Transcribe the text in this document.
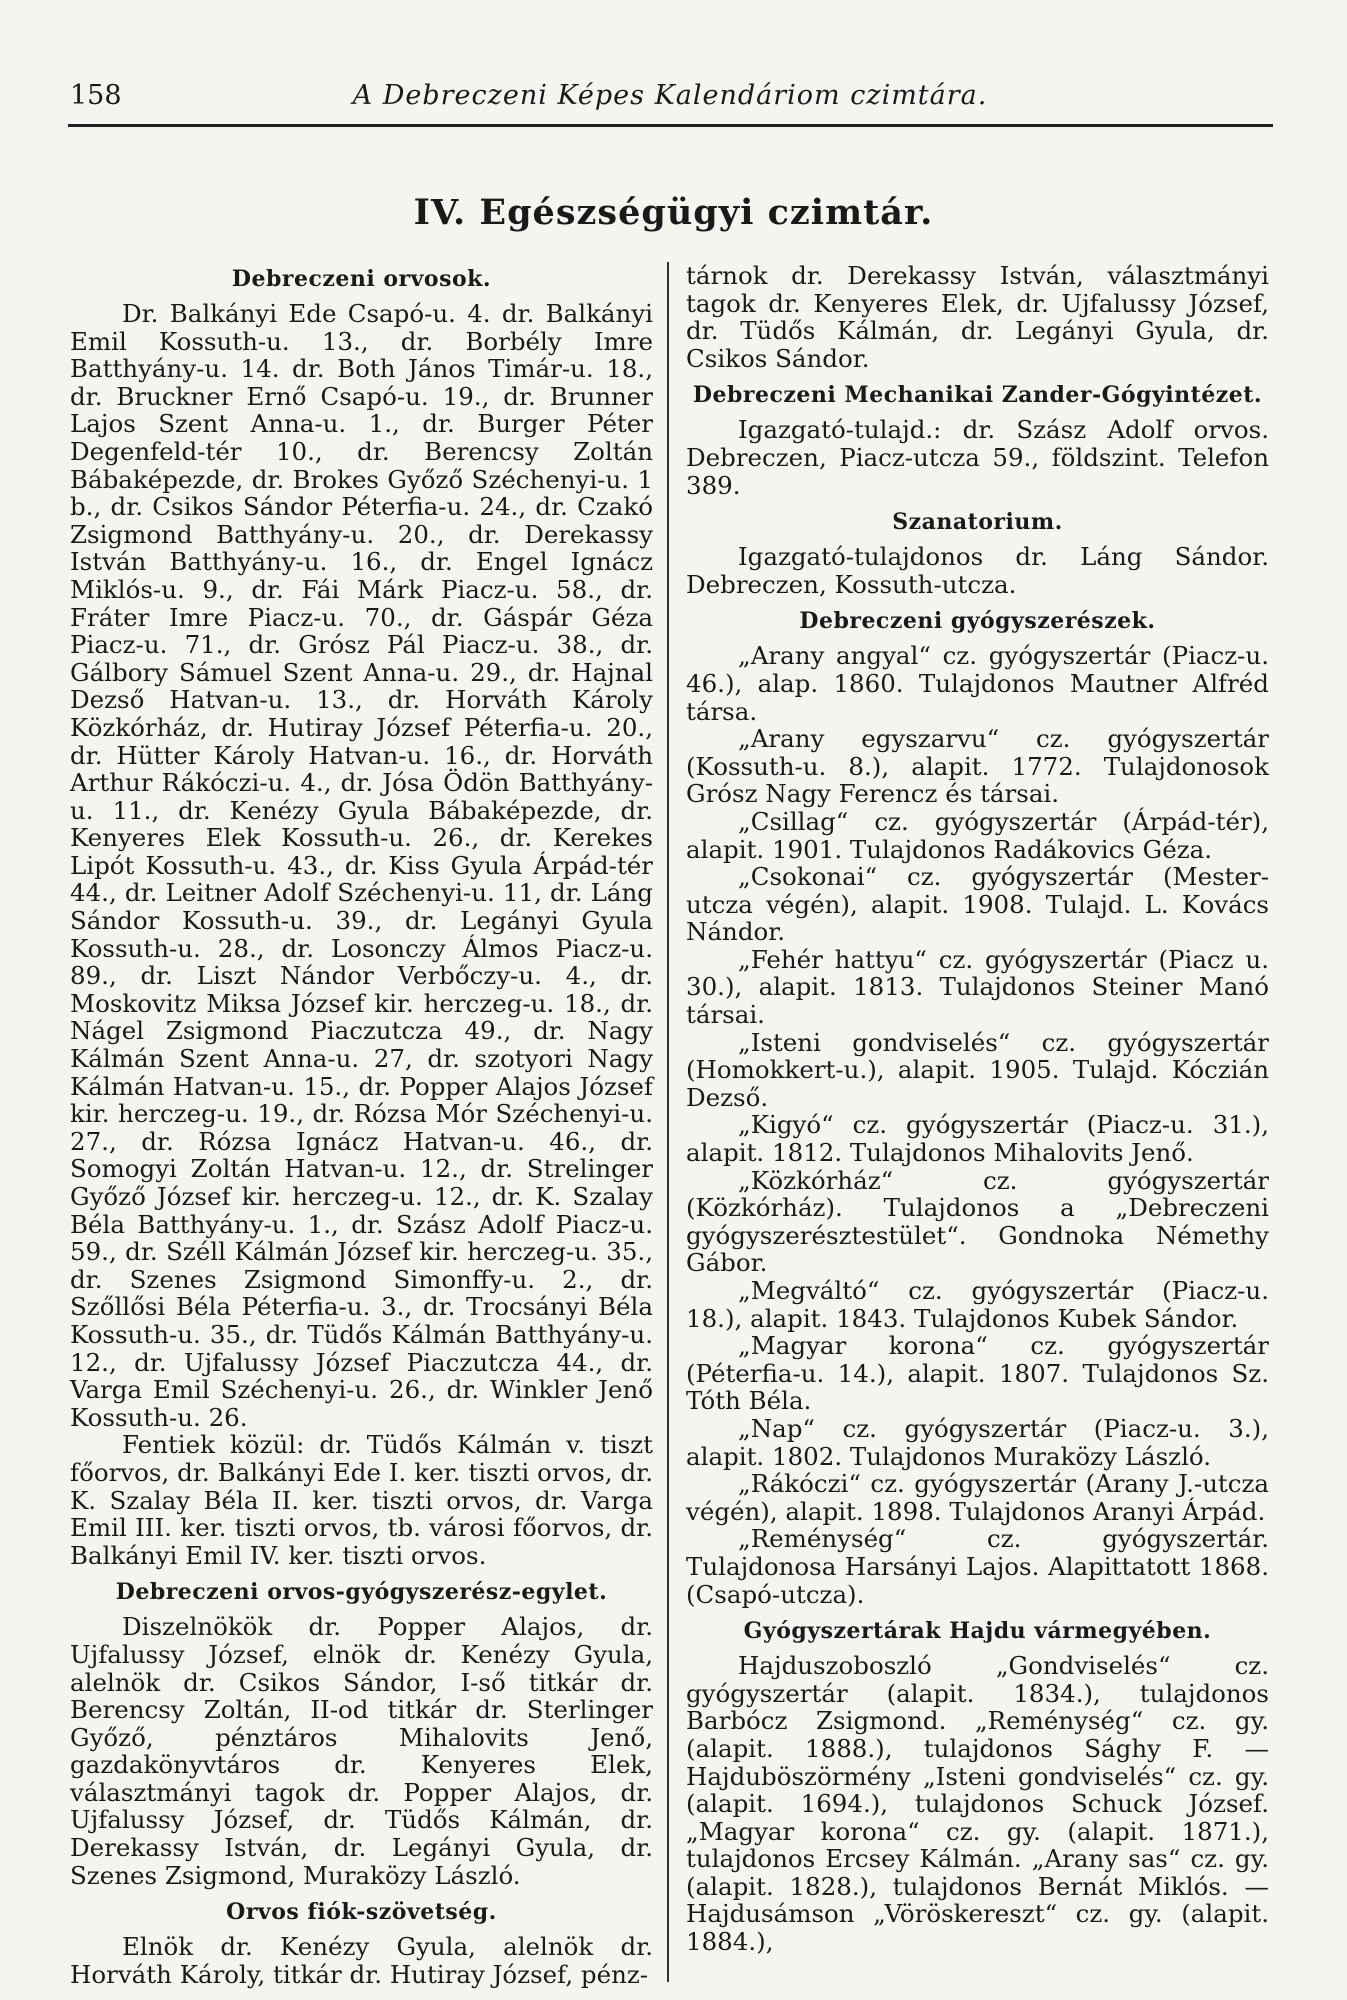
158	A Debreczeni Képes Kalendáriom czimtára.
IV. Egészségügyi czimtár.
Debreczeni orvosok.

Dr. Balkányi Ede Csapó-u. 4. dr. Balkányi Emil Kossuth-u. 13., dr. Borbély Imre Batthyány-u. 14. dr. Both János Timár-u. 18., dr. Bruckner Ernő Csapó-u. 19., dr. Brunner Lajos Szent Anna-u. 1., dr. Burger Péter Degenfeld-tér 10., dr. Berencsy Zoltán Bábaképezde, dr. Brokes Győző Széchenyi-u. 1 b., dr. Csikos Sándor Péterfia-u. 24., dr. Czakó Zsigmond Batthyány-u. 20., dr. Derekassy István Batthyány-u. 16., dr. Engel Ignácz Miklós-u. 9., dr. Fái Márk Piacz-u. 58., dr. Fráter Imre Piacz-u. 70., dr. Gáspár Géza Piacz-u. 71., dr. Grósz Pál Piacz-u. 38., dr. Gálbory Sámuel Szent Anna-u. 29., dr. Hajnal Dezső Hatvan-u. 13., dr. Horváth Károly Közkórház, dr. Hutiray József Péterfia-u. 20., dr. Hütter Károly Hatvan-u. 16., dr. Horváth Arthur Rákóczi-u. 4., dr. Jósa Ödön Batthyány-u. 11., dr. Kenézy Gyula Bábaképezde, dr. Kenyeres Elek Kossuth-u. 26., dr. Kerekes Lipót Kossuth-u. 43., dr. Kiss Gyula Árpád-tér 44., dr. Leitner Adolf Széchenyi-u. 11, dr. Láng Sándor Kossuth-u. 39., dr. Legányi Gyula Kossuth-u. 28., dr. Losonczy Álmos Piacz-u. 89., dr. Liszt Nándor Verbőczy-u. 4., dr. Moskovitz Miksa József kir. herczeg-u. 18., dr. Nágel Zsigmond Piaczutcza 49., dr. Nagy Kálmán Szent Anna-u. 27, dr. szotyori Nagy Kálmán Hatvan-u. 15., dr. Popper Alajos József kir. herczeg-u. 19., dr. Rózsa Mór Széchenyi-u. 27., dr. Rózsa Ignácz Hatvan-u. 46., dr. Somogyi Zoltán Hatvan-u. 12., dr. Strelinger Győző József kir. herczeg-u. 12., dr. K. Szalay Béla Batthyány-u. 1., dr. Szász Adolf Piacz-u. 59., dr. Széll Kálmán József kir. herczeg-u. 35., dr. Szenes Zsigmond Simonffy-u. 2., dr. Szőllősi Béla Péterfia-u. 3., dr. Trocsányi Béla Kossuth-u. 35., dr. Tüdős Kálmán Batthyány-u. 12., dr. Ujfalussy József Piaczutcza 44., dr. Varga Emil Széchenyi-u. 26., dr. Winkler Jenő Kossuth-u. 26.

Fentiek közül: dr. Tüdős Kálmán v. tiszt főorvos, dr. Balkányi Ede I. ker. tiszti orvos, dr. K. Szalay Béla II. ker. tiszti orvos, dr. Varga Emil III. ker. tiszti orvos, tb. városi főorvos, dr. Balkányi Emil IV. ker. tiszti orvos.

Debreczeni orvos-gyógyszerész-egylet.

Diszelnökök dr. Popper Alajos, dr. Ujfalussy József, elnök dr. Kenézy Gyula, alelnök dr. Csikos Sándor, I-ső titkár dr. Berencsy Zoltán, II-od titkár dr. Sterlinger Győző, pénztáros Mihalovits Jenő, gazdakönyvtáros dr. Kenyeres Elek, választmányi tagok dr. Popper Alajos, dr. Ujfalussy József, dr. Tüdős Kálmán, dr. Derekassy István, dr. Legányi Gyula, dr. Szenes Zsigmond, Muraközy László.

Orvos fiók-szövetség.

Elnök dr. Kenézy Gyula, alelnök dr. Horváth Károly, titkár dr. Hutiray József, pénz-

tárnok dr. Derekassy István, választmányi tagok dr. Kenyeres Elek, dr. Ujfalussy József, dr. Tüdős Kálmán, dr. Legányi Gyula, dr. Csikos Sándor.

Debreczeni Mechanikai Zander-Gógyintézet.

Igazgató-tulajd.: dr. Szász Adolf orvos. Debreczen, Piacz-utcza 59., földszint. Telefon 389.

Szanatorium.

Igazgató-tulajdonos dr. Láng Sándor. Debreczen, Kossuth-utcza.

Debreczeni gyógyszerészek.

„Arany angyal“ cz. gyógyszertár (Piacz-u. 46.), alap. 1860. Tulajdonos Mautner Alfréd társa.

„Arany egyszarvu“ cz. gyógyszertár (Kossuth-u. 8.), alapit. 1772. Tulajdonosok Grósz Nagy Ferencz és társai.

„Csillag“ cz. gyógyszertár (Árpád-tér), alapit. 1901. Tulajdonos Radákovics Géza.

„Csokonai“ cz. gyógyszertár (Mester-utcza végén), alapit. 1908. Tulajd. L. Kovács Nándor.

„Fehér hattyu“ cz. gyógyszertár (Piacz u. 30.), alapit. 1813. Tulajdonos Steiner Manó társai.

„Isteni gondviselés“ cz. gyógyszertár (Homokkert-u.), alapit. 1905. Tulajd. Kóczián Dezső.

„Kigyó“ cz. gyógyszertár (Piacz-u. 31.), alapit. 1812. Tulajdonos Mihalovits Jenő.

„Közkórház“ cz. gyógyszertár (Közkórház). Tulajdonos a „Debreczeni gyógyszerésztestület“. Gondnoka Némethy Gábor.

„Megváltó“ cz. gyógyszertár (Piacz-u. 18.), alapit. 1843. Tulajdonos Kubek Sándor.

„Magyar korona“ cz. gyógyszertár (Péterfia-u. 14.), alapit. 1807. Tulajdonos Sz. Tóth Béla.

„Nap“ cz. gyógyszertár (Piacz-u. 3.), alapit. 1802. Tulajdonos Muraközy László.

„Rákóczi“ cz. gyógyszertár (Arany J.-utcza végén), alapit. 1898. Tulajdonos Aranyi Árpád.

„Reménység“ cz. gyógyszertár. Tulajdonosa Harsányi Lajos. Alapittatott 1868. (Csapó-utcza).

Gyógyszertárak Hajdu vármegyében.

Hajduszoboszló „Gondviselés“ cz. gyógyszertár (alapit. 1834.), tulajdonos Barbócz Zsigmond. „Reménység“ cz. gy. (alapit. 1888.), tulajdonos Sághy F. — Hajduböszörmény „Isteni gondviselés“ cz. gy. (alapit. 1694.), tulajdonos Schuck József. „Magyar korona“ cz. gy. (alapit. 1871.), tulajdonos Ercsey Kálmán. „Arany sas“ cz. gy. (alapit. 1828.), tulajdonos Bernát Miklós. — Hajdusámson „Vöröskereszt“ cz. gy. (alapit. 1884.),
